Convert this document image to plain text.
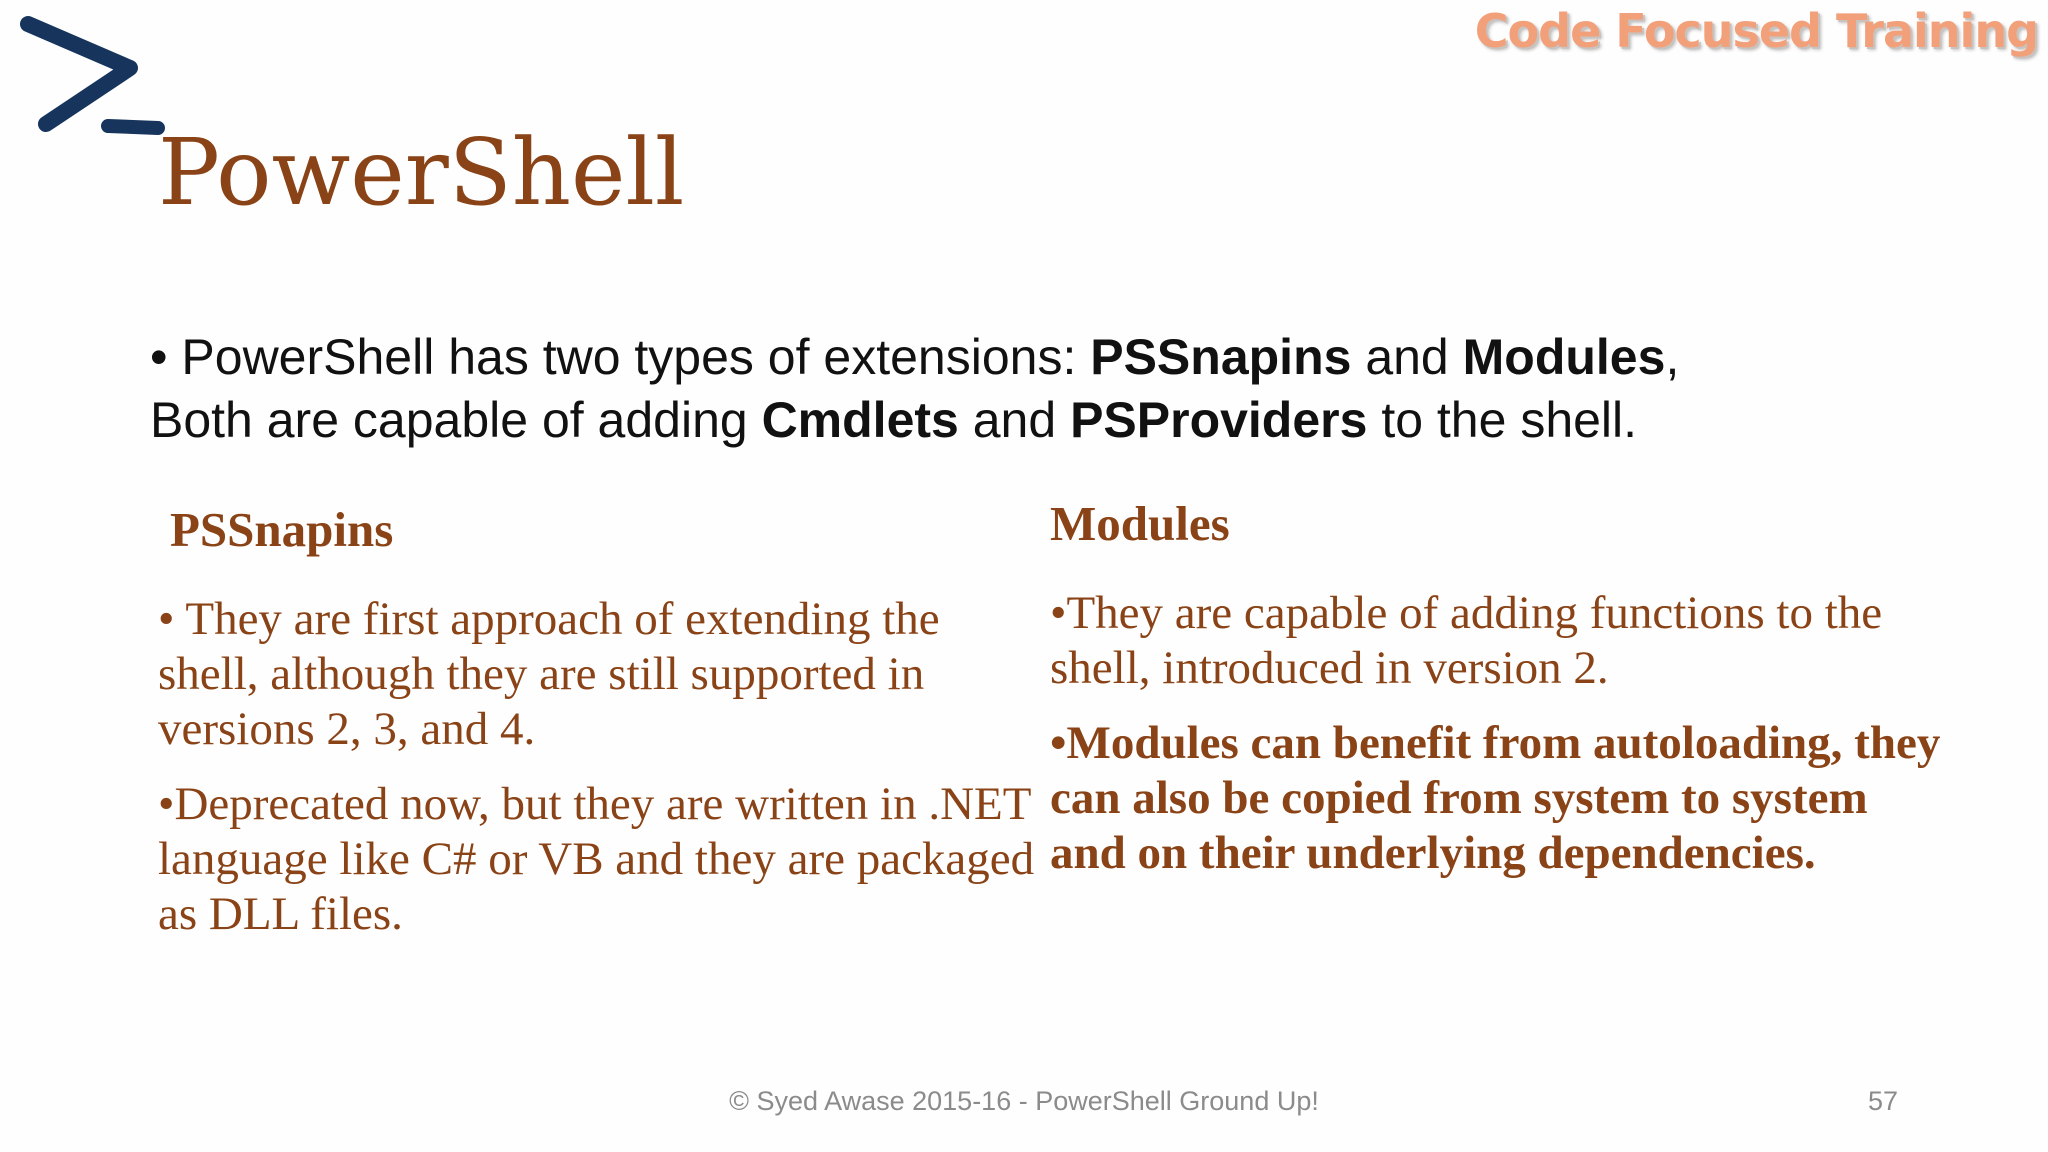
Code Focused Training
PowerShell
• PowerShell has two types of extensions: PSSnapins and Modules,
Both are capable of adding Cmdlets and PSProviders to the shell.
PSSnapins
• They are first approach of extending the shell, although they are still supported in versions 2, 3, and 4.
•Deprecated now, but they are written in .NET language like C# or VB and they are packaged as DLL files.
Modules
•They are capable of adding functions to the shell, introduced in version 2.
•Modules can benefit from autoloading, they can also be copied from system to system and on their underlying dependencies.
© Syed Awase 2015-16 - PowerShell Ground Up!	57
